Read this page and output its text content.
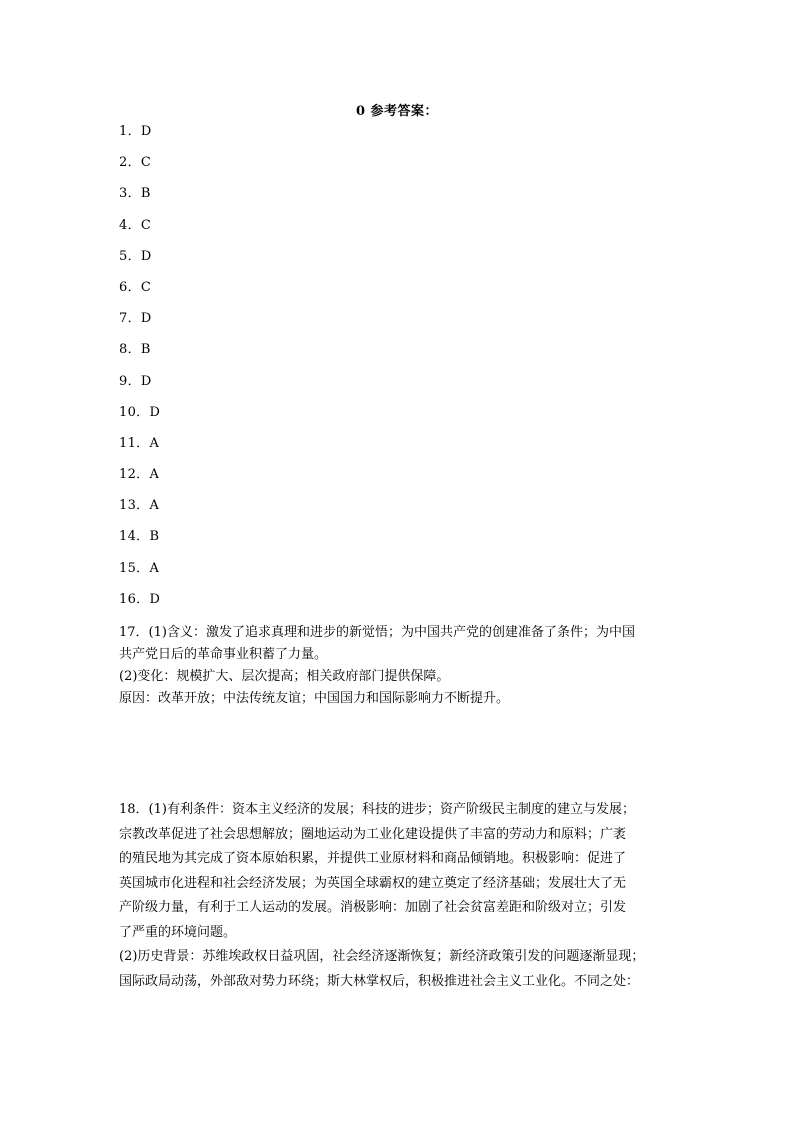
0 参考答案：
1．D
2．C
3．B
4．C
5．D
6．C
7．D
8．B
9．D
10．D
11．A
12．A
13．A
14．B
15．A
16．D

17．(1)含义：激发了追求真理和进步的新觉悟；为中国共产党的创建准备了条件；为中国

共产党日后的革命事业积蓄了力量。

(2)变化：规模扩大、层次提高；相关政府部门提供保障。

原因：改革开放；中法传统友谊；中国国力和国际影响力不断提升。

18．(1)有利条件：资本主义经济的发展；科技的进步；资产阶级民主制度的建立与发展；

宗教改革促进了社会思想解放；圈地运动为工业化建设提供了丰富的劳动力和原料；广袤

的殖民地为其完成了资本原始积累，并提供工业原材料和商品倾销地。积极影响：促进了

英国城市化进程和社会经济发展；为英国全球霸权的建立奠定了经济基础；发展壮大了无

产阶级力量，有利于工人运动的发展。消极影响：加剧了社会贫富差距和阶级对立；引发

了严重的环境问题。

(2)历史背景：苏维埃政权日益巩固，社会经济逐渐恢复；新经济政策引发的问题逐渐显现；

国际政局动荡，外部敌对势力环绕；斯大林掌权后，积极推进社会主义工业化。不同之处：
